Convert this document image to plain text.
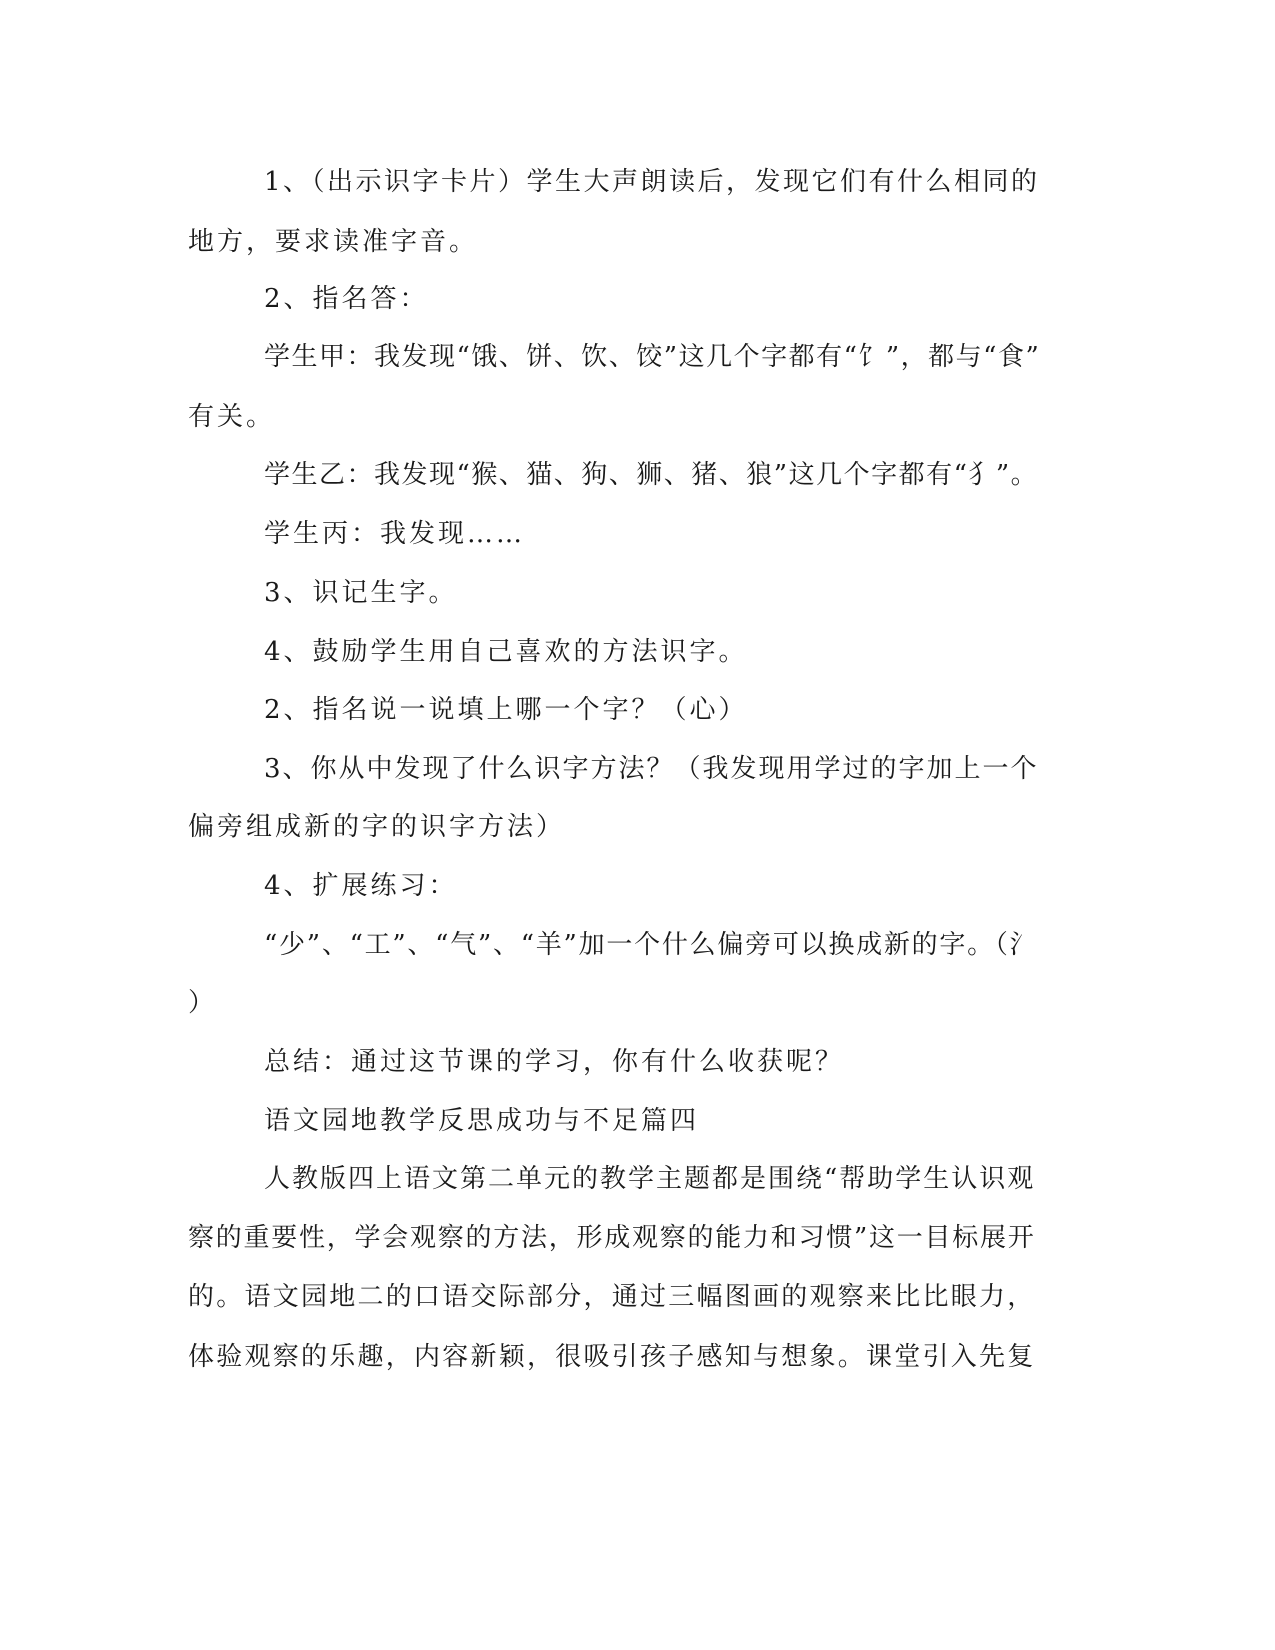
1、（出示识字卡片）学生大声朗读后，发现它们有什么相同的
地方，要求读准字音。
2、指名答：
学生甲：我发现“饿、饼、饮、饺”这几个字都有“饣”，都与“食”
有关。
学生乙：我发现“猴、猫、狗、狮、猪、狼”这几个字都有“犭”。
学生丙：我发现……
3、识记生字。
4、鼓励学生用自己喜欢的方法识字。
2、指名说一说填上哪一个字？（心）
3、你从中发现了什么识字方法？（我发现用学过的字加上一个
偏旁组成新的字的识字方法）
4、扩展练习：
“少”、“工”、“气”、“羊”加一个什么偏旁可以换成新的字。（氵
）
总结：通过这节课的学习，你有什么收获呢？
语文园地教学反思成功与不足篇四
人教版四上语文第二单元的教学主题都是围绕“帮助学生认识观
察的重要性，学会观察的方法，形成观察的能力和习惯”这一目标展开
的。语文园地二的口语交际部分，通过三幅图画的观察来比比眼力，
体验观察的乐趣，内容新颖，很吸引孩子感知与想象。课堂引入先复
